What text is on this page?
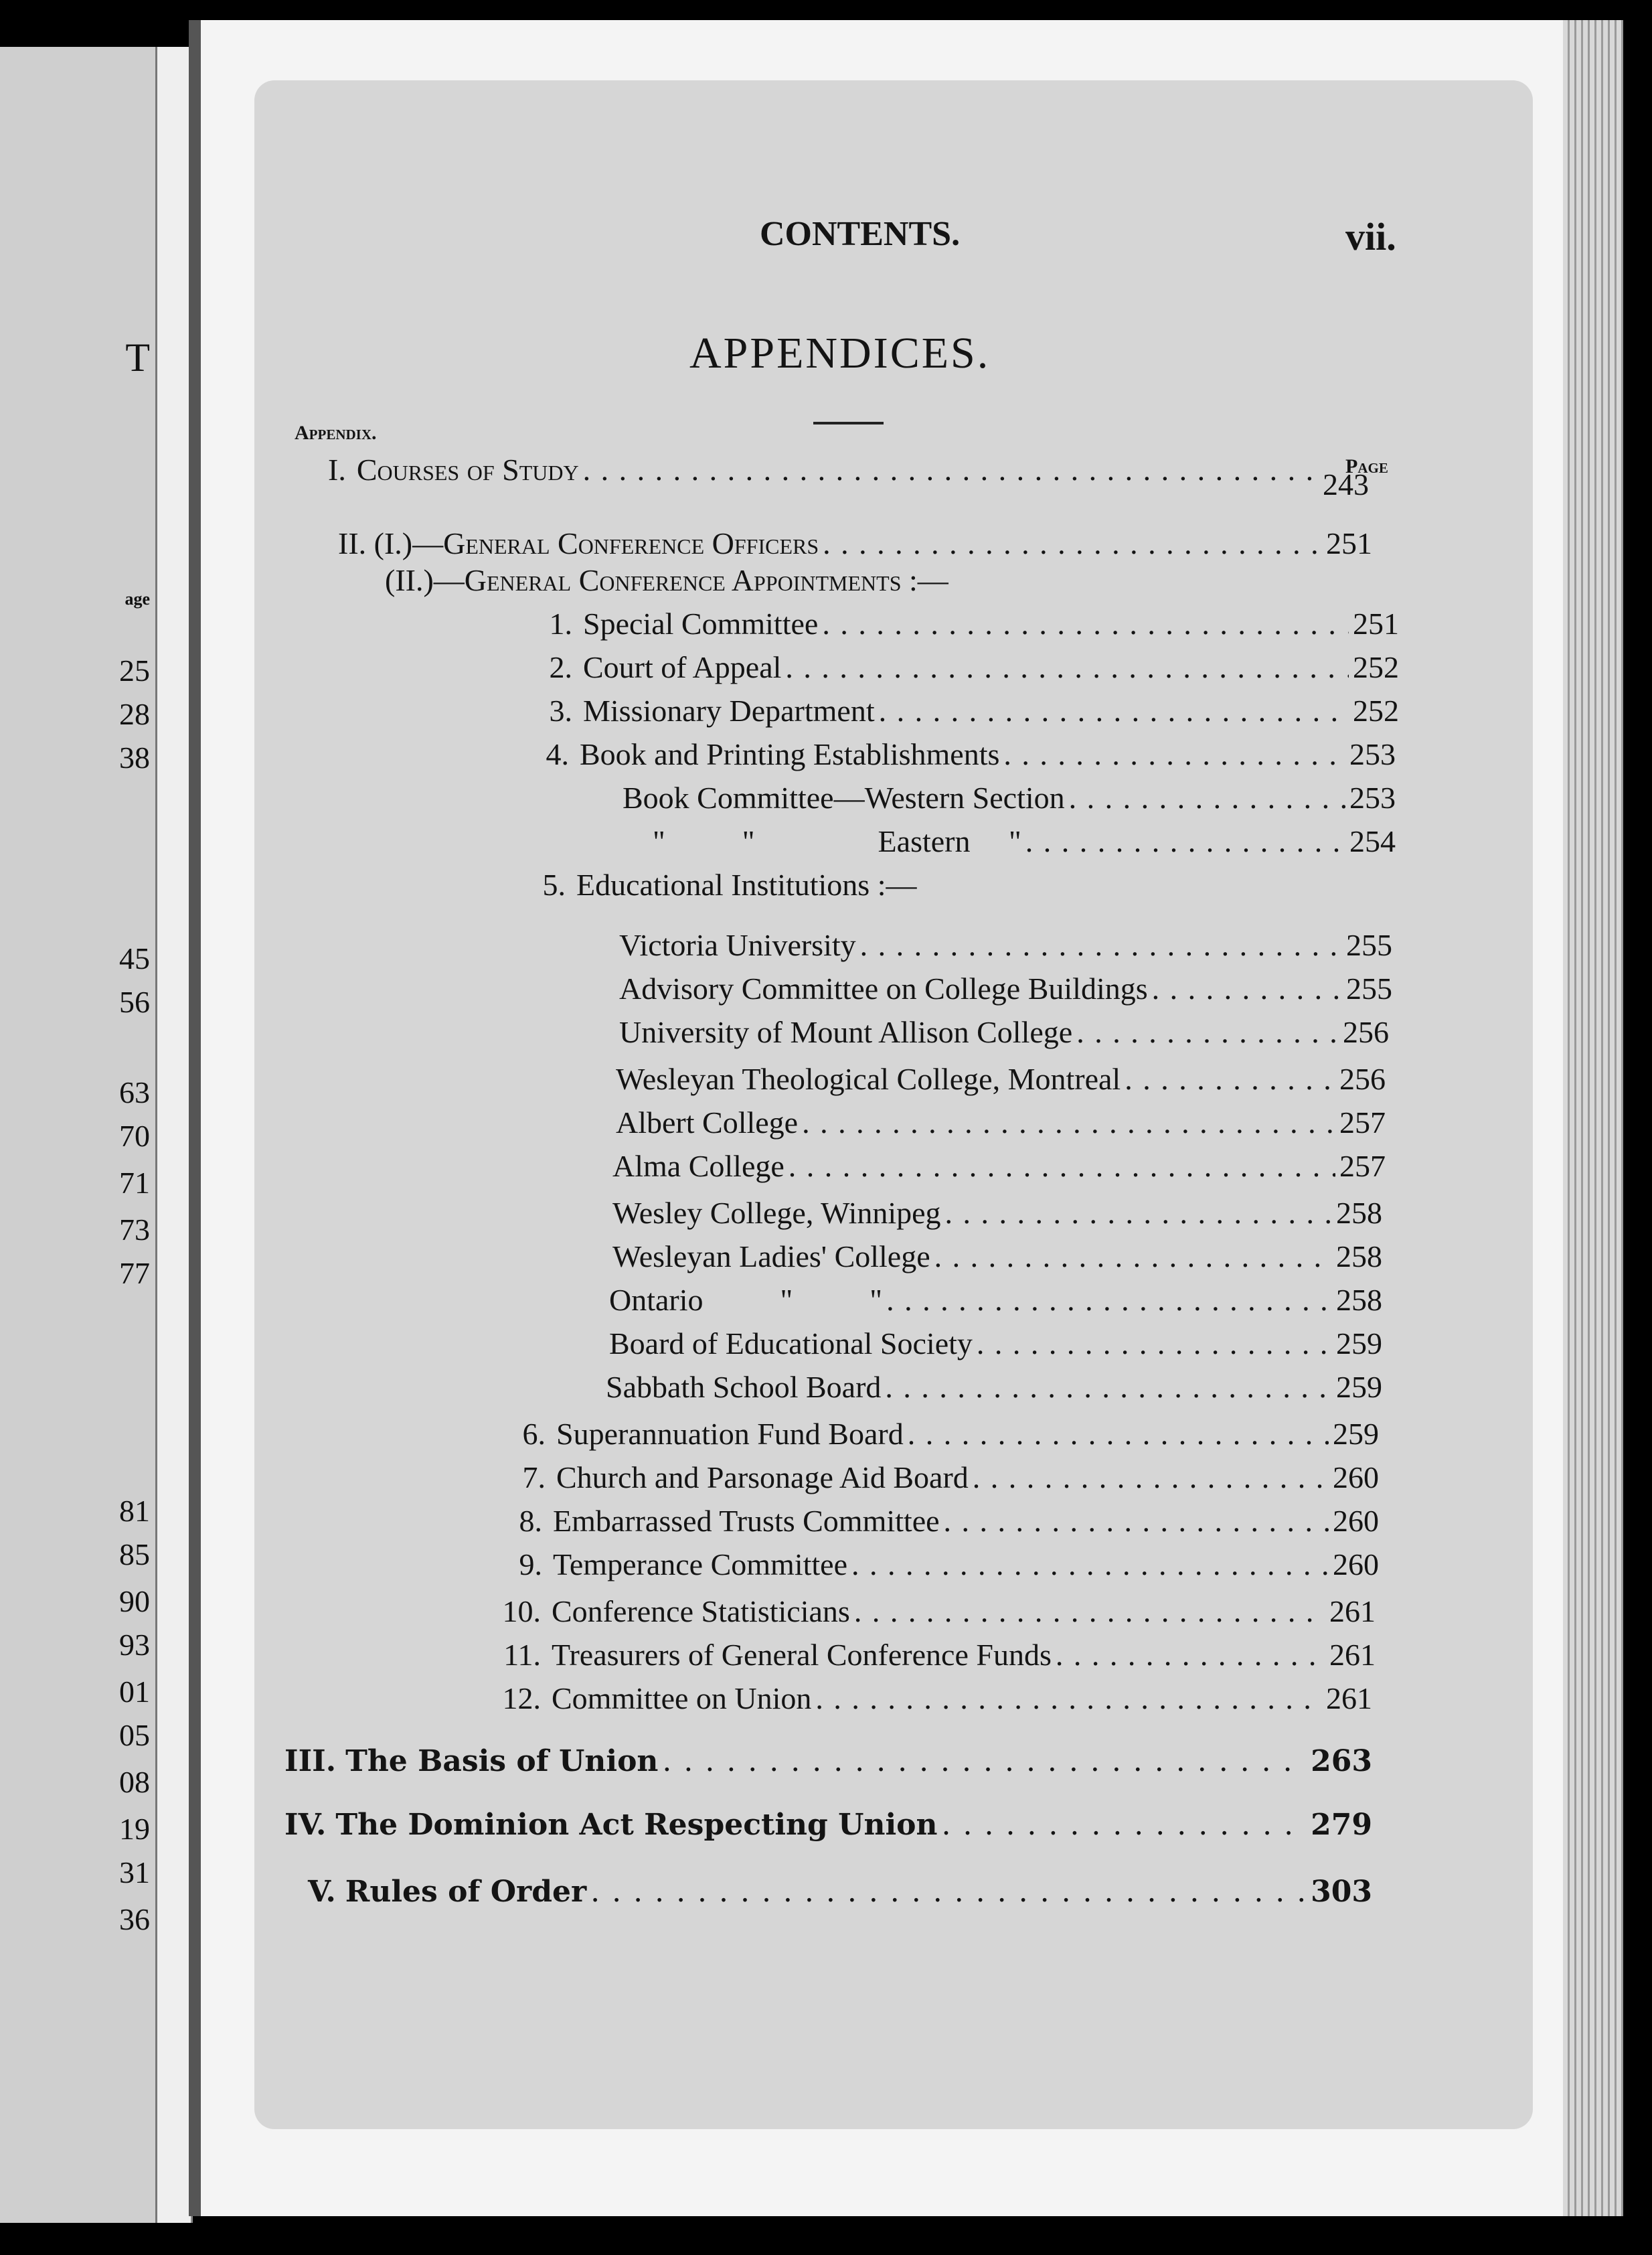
T
age
25
28
38
45
56
63
70
71
73
77
81
85
90
93
01
05
08
19
31
36
CONTENTS.	vii.
APPENDICES.
Appendix.
Page
I. Courses of Study . . .	243
II. (I.)— General Conference Officers . . .	251
(II.)— General Conference Appointments :—
1. Special Committee . . .	251
2. Court of Appeal . . .	252
3. Missionary Department . . .	252
4. Book and Printing Establishments . . .	253
Book Committee—Western Section . . .	253
"          "                Eastern     " . . .	254
5. Educational Institutions :—
Victoria University . . .	255
Advisory Committee on College Buildings . . .	255
University of Mount Allison College . . .	256
Wesleyan Theological College, Montreal . . .	256
Albert College . . .	257
Alma College . . .	257
Wesley College, Winnipeg . . .	258
Wesleyan Ladies' College . . .	258
Ontario          "          " . . .	258
Board of Educational Society . . .	259
Sabbath School Board . . .	259
6. Superannuation Fund Board . . .	259
7. Church and Parsonage Aid Board . . .	260
8. Embarrassed Trusts Committee . . .	260
9. Temperance Committee . . .	260
10. Conference Statisticians . . .	261
11. Treasurers of General Conference Funds . . .	261
12. Committee on Union . . .	261
III. The Basis of Union . . .	263
IV. The Dominion Act Respecting Union . . .	279
V. Rules of Order . . .	303
